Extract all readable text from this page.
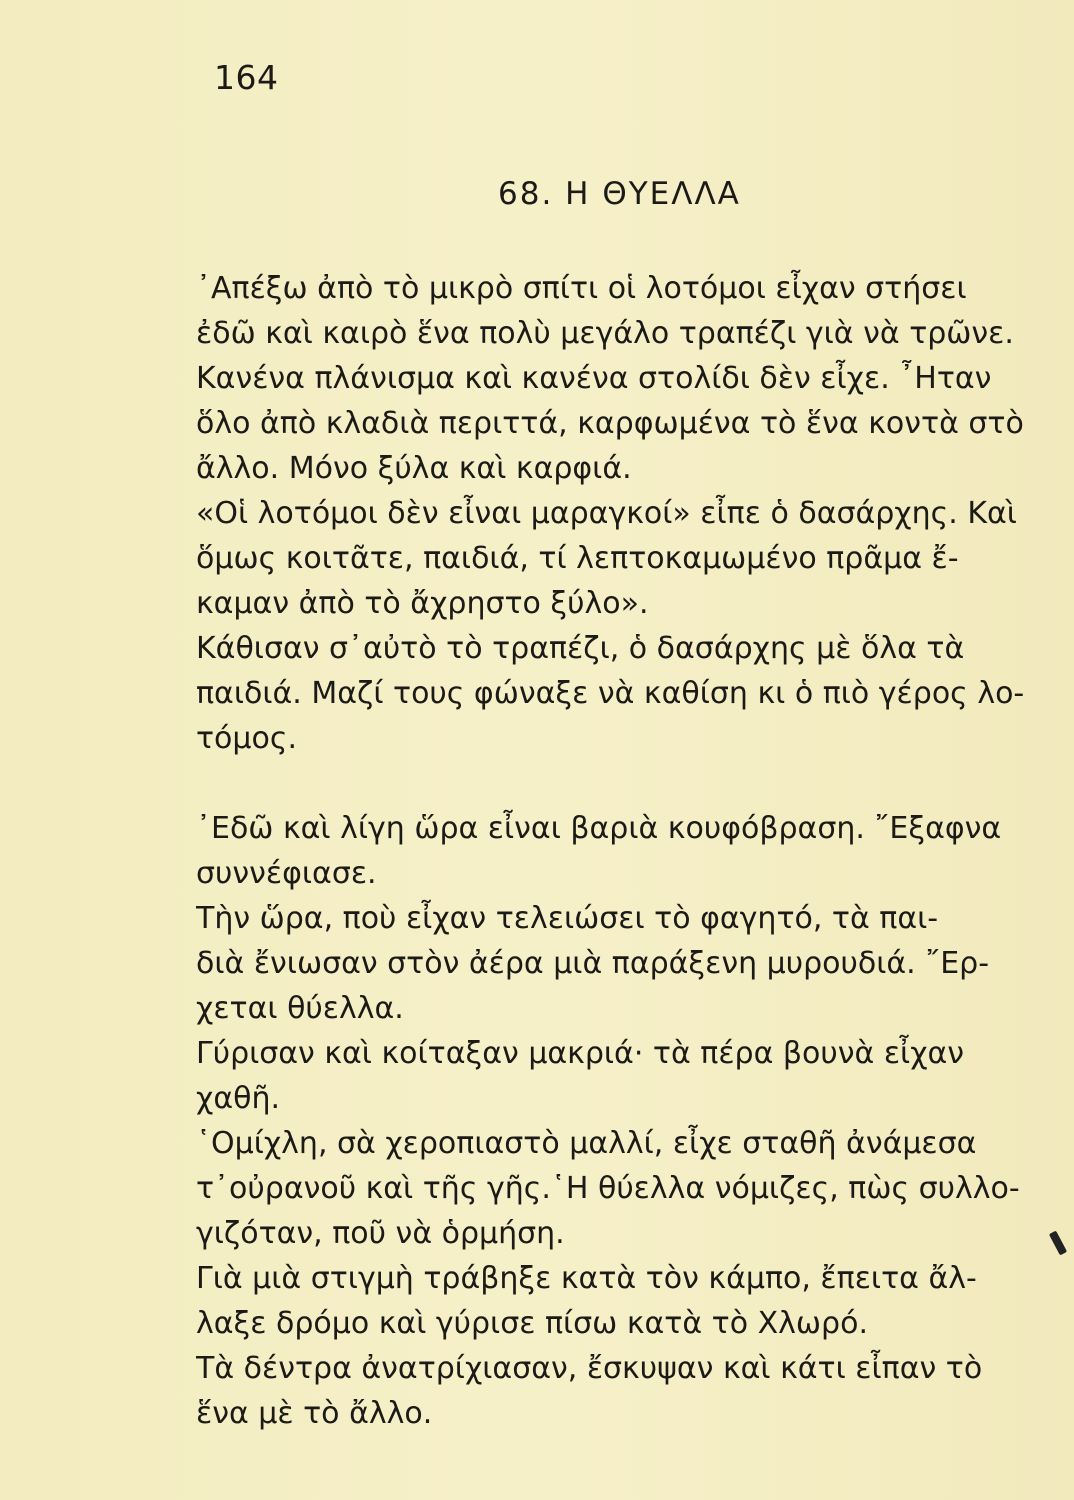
164
68. Η ΘΥΕΛΛΑ
᾿Απέξω ἀπὸ τὸ μικρὸ σπίτι οἱ λοτόμοι εἶχαν στήσει
ἐδῶ καὶ καιρὸ ἕνα πολὺ μεγάλο τραπέζι γιὰ νὰ τρῶνε.
Κανένα πλάνισμα καὶ κανένα στολίδι δὲν εἶχε. ῏Ηταν
ὅλο ἀπὸ κλαδιὰ περιττά, καρφωμένα τὸ ἕνα κοντὰ στὸ
ἄλλο. Μόνο ξύλα καὶ καρφιά.
«Οἱ λοτόμοι δὲν εἶναι μαραγκοί» εἶπε ὁ δασάρχης. Καὶ
ὅμως κοιτᾶτε, παιδιά, τί λεπτοκαμωμένο πρᾶμα ἔ-
καμαν ἀπὸ τὸ ἄχρηστο ξύλο».
Κάθισαν σ᾿αὐτὸ τὸ τραπέζι, ὁ δασάρχης μὲ ὅλα τὰ
παιδιά. Μαζί τους φώναξε νὰ καθίση κι ὁ πιὸ γέρος λο-
τόμος.
᾿Εδῶ καὶ λίγη ὥρα εἶναι βαριὰ κουφόβραση. ῎Εξαφνα
συννέφιασε.
Τὴν ὥρα, ποὺ εἶχαν τελειώσει τὸ φαγητό, τὰ παι-
διὰ ἔνιωσαν στὸν ἀέρα μιὰ παράξενη μυρουδιά. ῎Ερ-
χεται θύελλα.
Γύρισαν καὶ κοίταξαν μακριά· τὰ πέρα βουνὰ εἶχαν
χαθῆ.
῾Ομίχλη, σὰ χεροπιαστὸ μαλλί, εἶχε σταθῆ ἀνάμεσα
τ᾿οὐρανοῦ καὶ τῆς γῆς.῾Η θύελλα νόμιζες, πὼς συλλο-
γιζόταν, ποῦ νὰ ὁρμήση.
Γιὰ μιὰ στιγμὴ τράβηξε κατὰ τὸν κάμπο, ἔπειτα ἄλ-
λαξε δρόμο καὶ γύρισε πίσω κατὰ τὸ Χλωρό.
Τὰ δέντρα ἀνατρίχιασαν, ἔσκυψαν καὶ κάτι εἶπαν τὸ
ἕνα μὲ τὸ ἄλλο.
